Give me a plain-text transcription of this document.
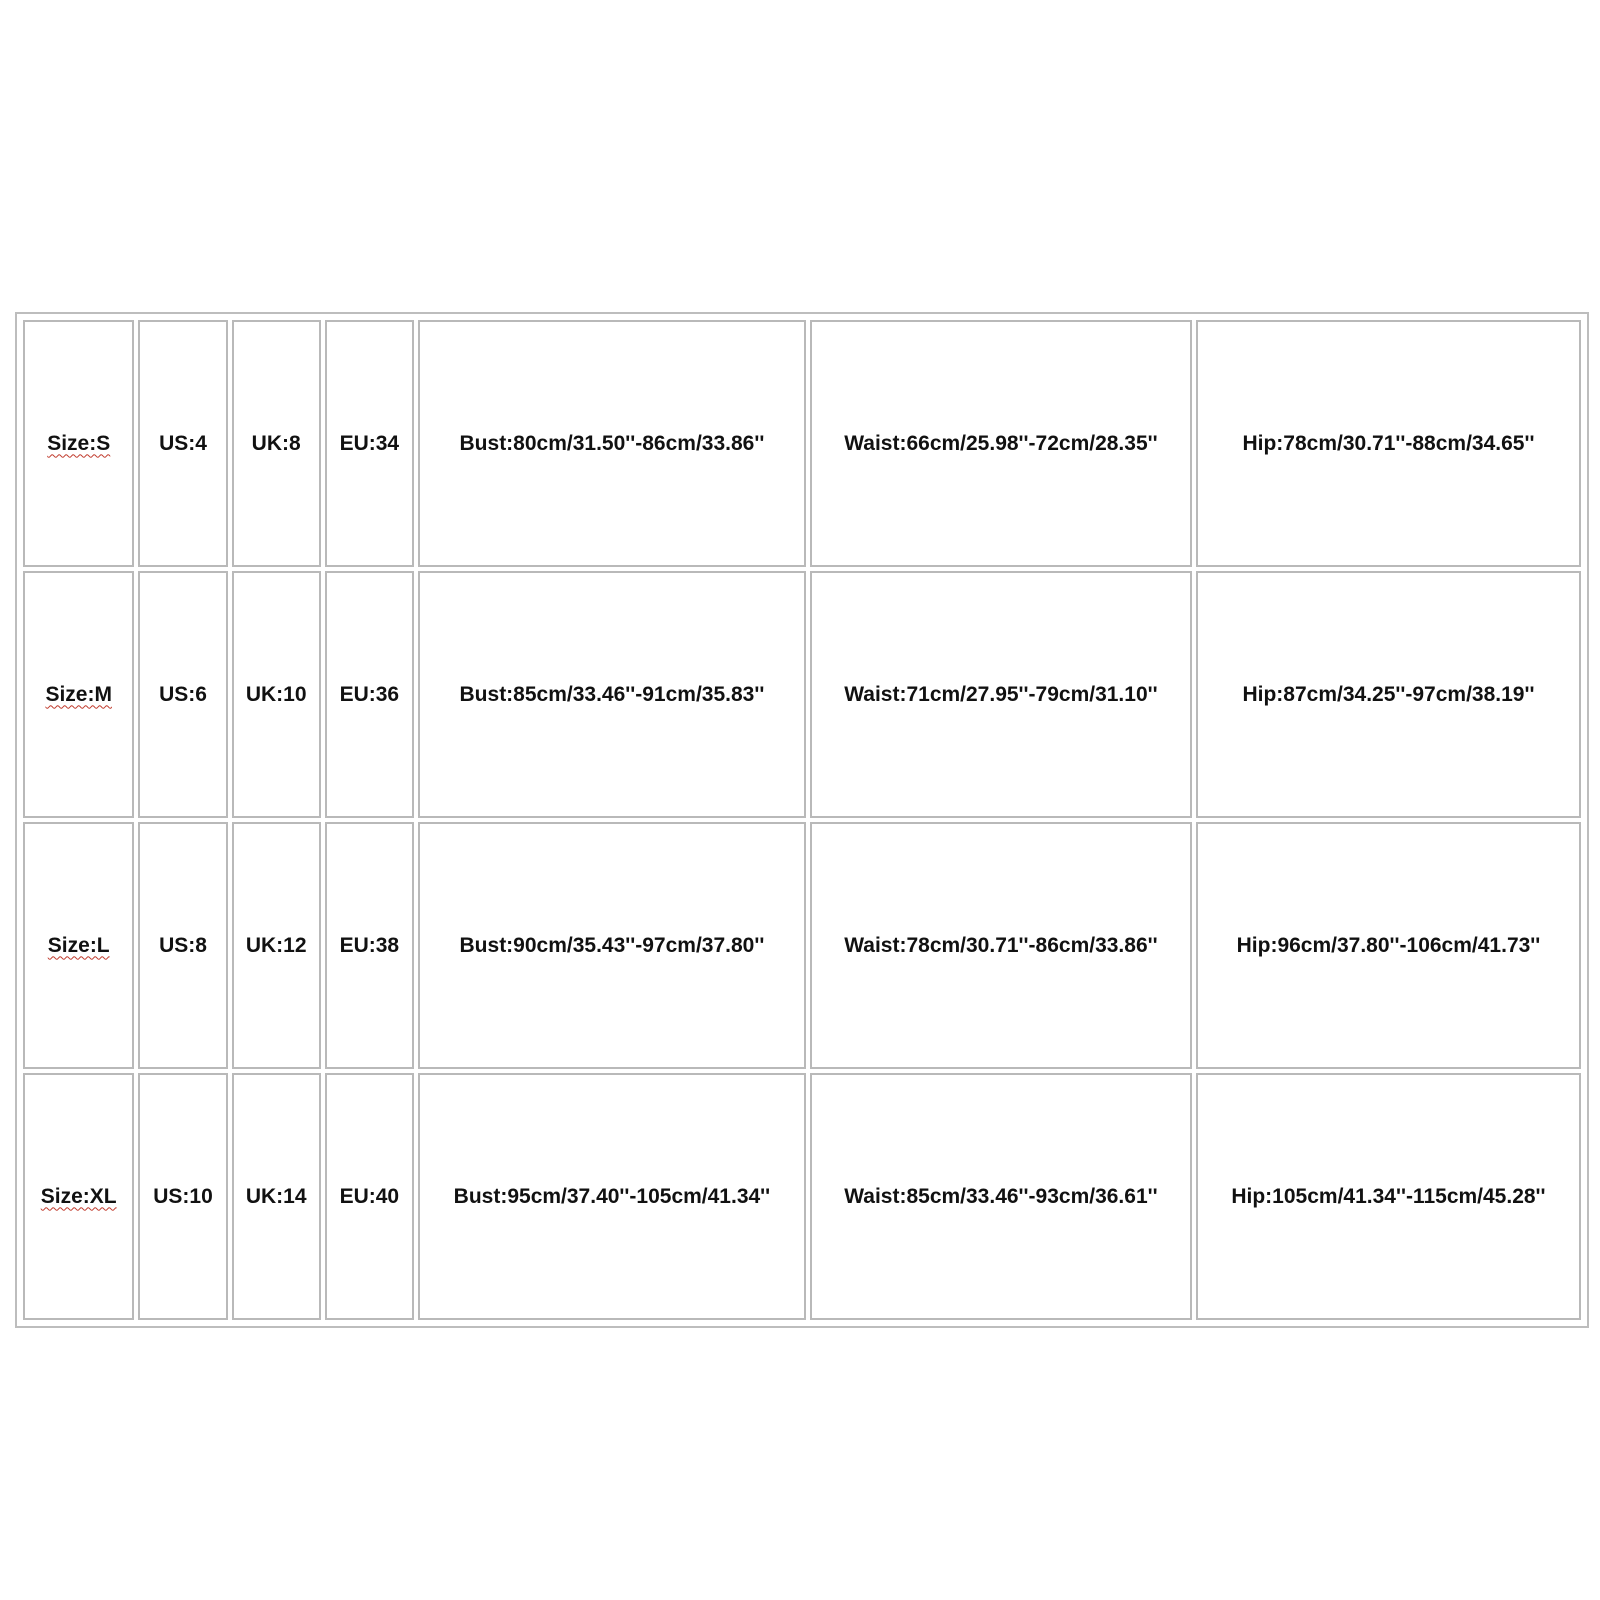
Size:S	US:4	UK:8	EU:34	Bust:80cm/31.50''-86cm/33.86''	Waist:66cm/25.98''-72cm/28.35''	Hip:78cm/30.71''-88cm/34.65''
Size:M	US:6	UK:10	EU:36	Bust:85cm/33.46''-91cm/35.83''	Waist:71cm/27.95''-79cm/31.10''	Hip:87cm/34.25''-97cm/38.19''
Size:L	US:8	UK:12	EU:38	Bust:90cm/35.43''-97cm/37.80''	Waist:78cm/30.71''-86cm/33.86''	Hip:96cm/37.80''-106cm/41.73''
Size:XL	US:10	UK:14	EU:40	Bust:95cm/37.40''-105cm/41.34''	Waist:85cm/33.46''-93cm/36.61''	Hip:105cm/41.34''-115cm/45.28''
